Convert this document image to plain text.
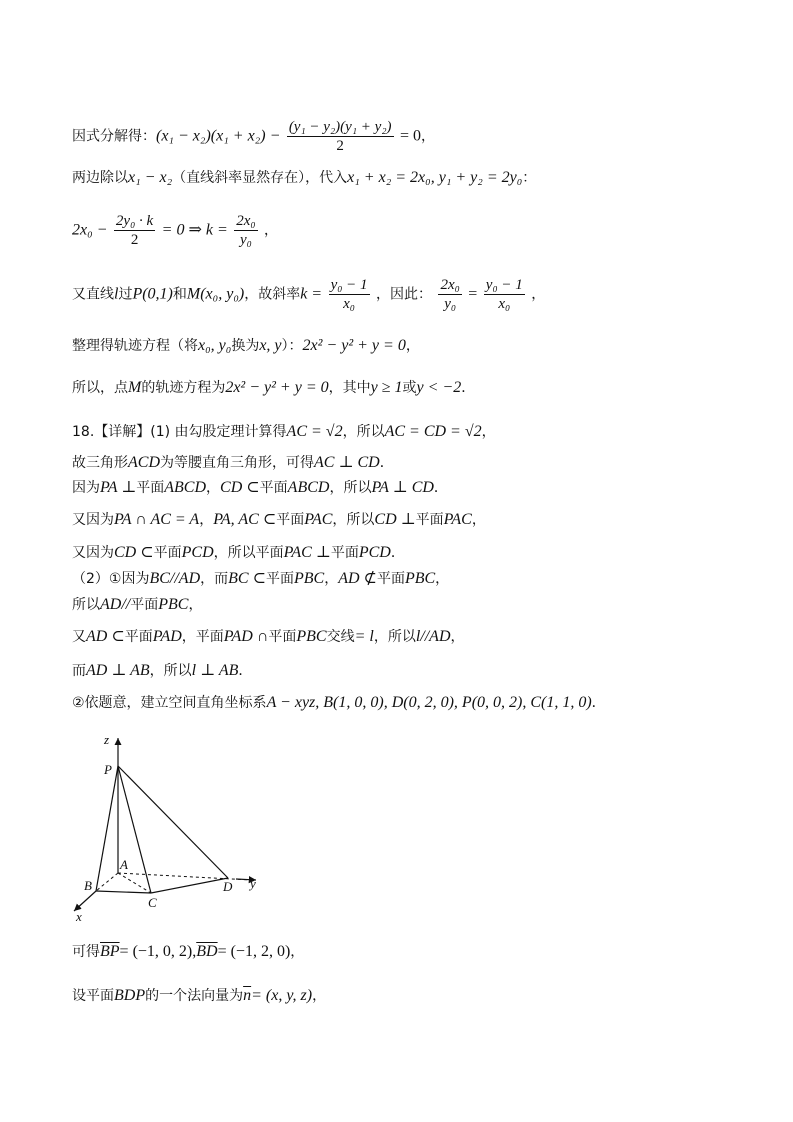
因式分解得：$(x_1 - x_2)(x_1 + x_2) - \frac{\text{(y₁ − y₂)(y₁ + y₂)}}{2} = 0$，
两边除以x₁ − x₂（直线斜率显然存在），代入x₁ + x₂ = 2x₀, y₁ + y₂ = 2y₀：
$2x_0 - \frac{\text{2y₀ · k}}{2} = 0$ ⇒ $k = \frac{\text{2x₀}}{\text{y₀}}$ ，
又直线l过P(0,1)和M(x₀, y₀)，故斜率$k = \frac{\text{y₀ − 1}}{\text{x₀}}$ ，因此： $\frac{\text{2x₀}}{\text{y₀}} = \frac{\text{y₀ − 1}}{\text{x₀}}$ ，
整理得轨迹方程（将x₀, y₀换为x, y）：2x² − y² + y = 0，
所以，点M的轨迹方程为2x² − y² + y = 0，其中y ≥ 1或y < −2．
18.【详解】(1) 由勾股定理计算得AC = √2，所以AC = CD = √2，
故三角形ACD为等腰直角三角形，可得AC ⊥ CD．
因为PA ⊥平面ABCD，CD ⊂平面ABCD，所以PA ⊥ CD．
又因为PA ∩ AC = A，PA, AC ⊂平面PAC，所以CD ⊥平面PAC，
又因为CD ⊂平面PCD，所以平面PAC ⊥平面PCD．
（2）①因为BC//AD，而BC ⊂平面PBC，AD ⊄平面PBC，
所以AD//平面PBC，
又AD ⊂平面PAD，平面PAD ∩平面PBC交线= l，所以l//AD，
而AD ⊥ AB，所以l ⊥ AB．
②依题意，建立空间直角坐标系A − xyz, B(1, 0, 0), D(0, 2, 0), P(0, 0, 2), C(1, 1, 0)．
z
P
A
B
C
D y
x
可得$\overline{BP}= (-1$, 0, $2),\overline{BD}= (-1$, 2, 0)，
设平面BDP的一个法向量为$\overline{n}= (x$, y, z)，
